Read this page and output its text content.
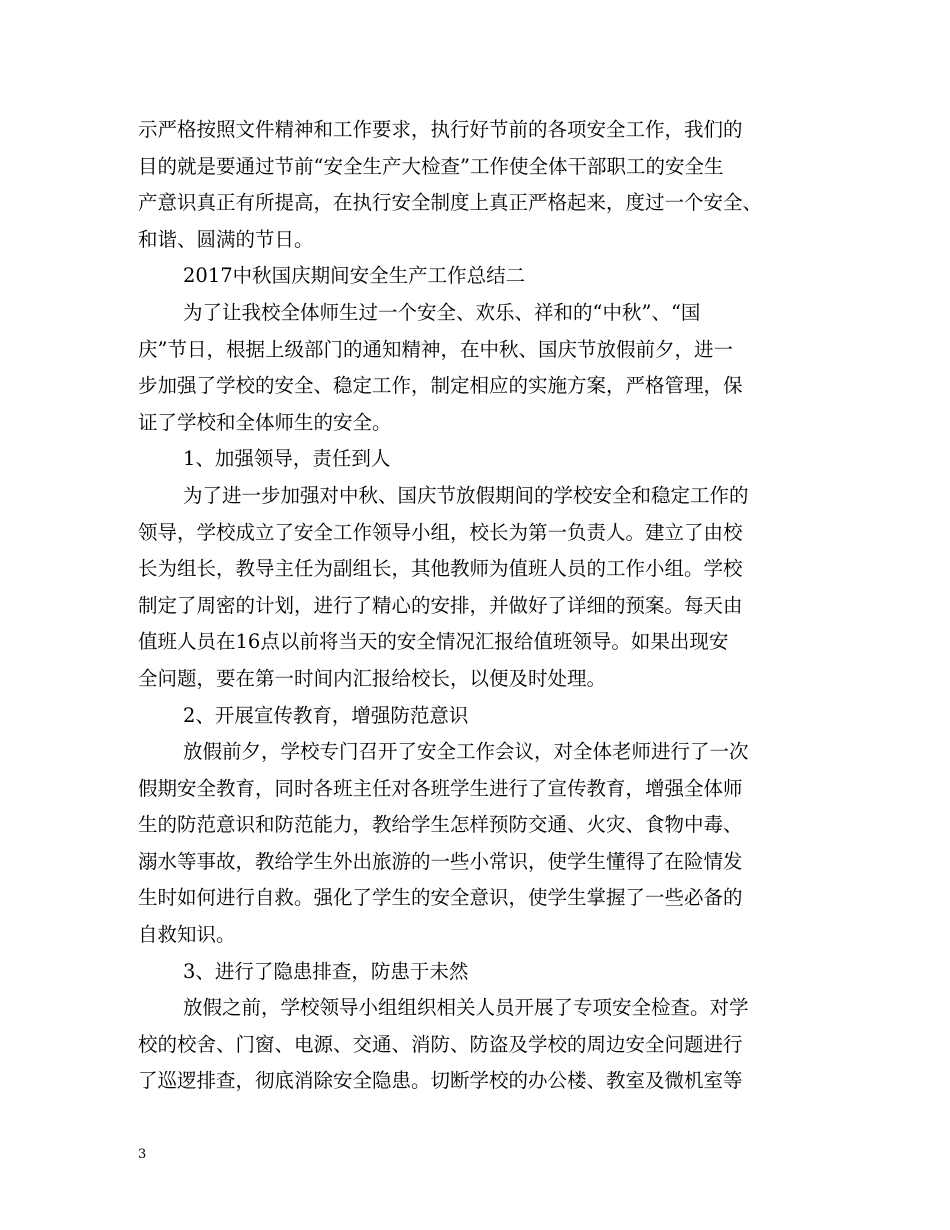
示严格按照文件精神和工作要求，执行好节前的各项安全工作，我们的
目的就是要通过节前“安全生产大检查”工作使全体干部职工的安全生
产意识真正有所提高，在执行安全制度上真正严格起来，度过一个安全、
和谐、圆满的节日。
2017中秋国庆期间安全生产工作总结二
为了让我校全体师生过一个安全、欢乐、祥和的“中秋”、“国
庆”节日，根据上级部门的通知精神，在中秋、国庆节放假前夕，进一
步加强了学校的安全、稳定工作，制定相应的实施方案，严格管理，保
证了学校和全体师生的安全。
1、加强领导，责任到人
为了进一步加强对中秋、国庆节放假期间的学校安全和稳定工作的
领导，学校成立了安全工作领导小组，校长为第一负责人。建立了由校
长为组长，教导主任为副组长，其他教师为值班人员的工作小组。学校
制定了周密的计划，进行了精心的安排，并做好了详细的预案。每天由
值班人员在16点以前将当天的安全情况汇报给值班领导。如果出现安
全问题，要在第一时间内汇报给校长，以便及时处理。
2、开展宣传教育，增强防范意识
放假前夕，学校专门召开了安全工作会议，对全体老师进行了一次
假期安全教育，同时各班主任对各班学生进行了宣传教育，增强全体师
生的防范意识和防范能力，教给学生怎样预防交通、火灾、食物中毒、
溺水等事故，教给学生外出旅游的一些小常识，使学生懂得了在险情发
生时如何进行自救。强化了学生的安全意识，使学生掌握了一些必备的
自救知识。
3、进行了隐患排查，防患于未然
放假之前，学校领导小组组织相关人员开展了专项安全检查。对学
校的校舍、门窗、电源、交通、消防、防盗及学校的周边安全问题进行
了巡逻排查，彻底消除安全隐患。切断学校的办公楼、教室及微机室等
3
